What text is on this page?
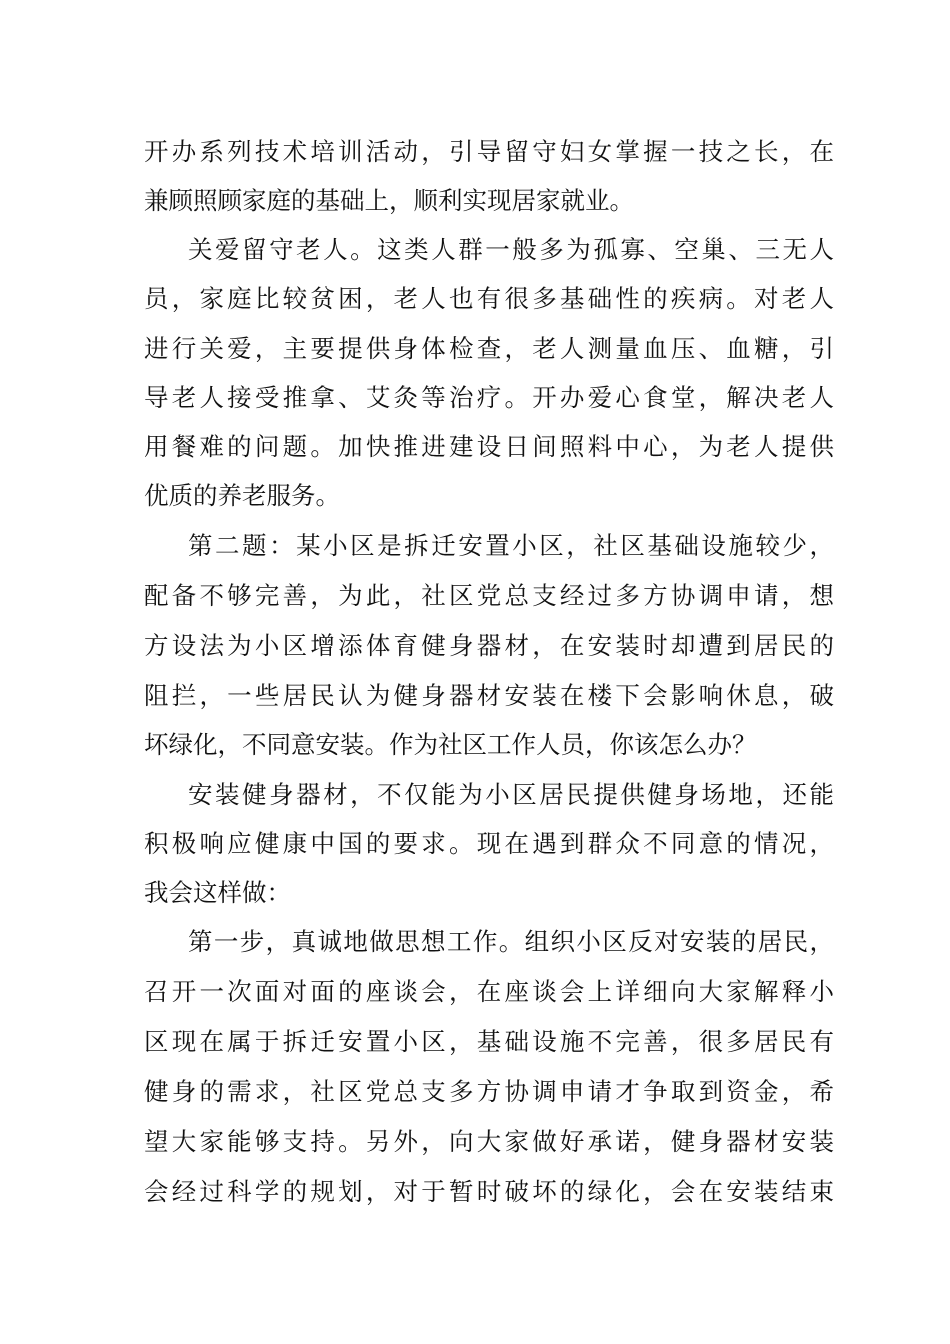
开办系列技术培训活动，引导留守妇女掌握一技之长，在
兼顾照顾家庭的基础上，顺利实现居家就业。
关爱留守老人。这类人群一般多为孤寡、空巢、三无人
员，家庭比较贫困，老人也有很多基础性的疾病。对老人
进行关爱，主要提供身体检查，老人测量血压、血糖，引
导老人接受推拿、艾灸等治疗。开办爱心食堂，解决老人
用餐难的问题。加快推进建设日间照料中心，为老人提供
优质的养老服务。
第二题：某小区是拆迁安置小区，社区基础设施较少，
配备不够完善，为此，社区党总支经过多方协调申请，想
方设法为小区增添体育健身器材，在安装时却遭到居民的
阻拦，一些居民认为健身器材安装在楼下会影响休息，破
坏绿化，不同意安装。作为社区工作人员，你该怎么办？
安装健身器材，不仅能为小区居民提供健身场地，还能
积极响应健康中国的要求。现在遇到群众不同意的情况，
我会这样做：
第一步，真诚地做思想工作。组织小区反对安装的居民，
召开一次面对面的座谈会，在座谈会上详细向大家解释小
区现在属于拆迁安置小区，基础设施不完善，很多居民有
健身的需求，社区党总支多方协调申请才争取到资金，希
望大家能够支持。另外，向大家做好承诺，健身器材安装
会经过科学的规划，对于暂时破坏的绿化，会在安装结束
